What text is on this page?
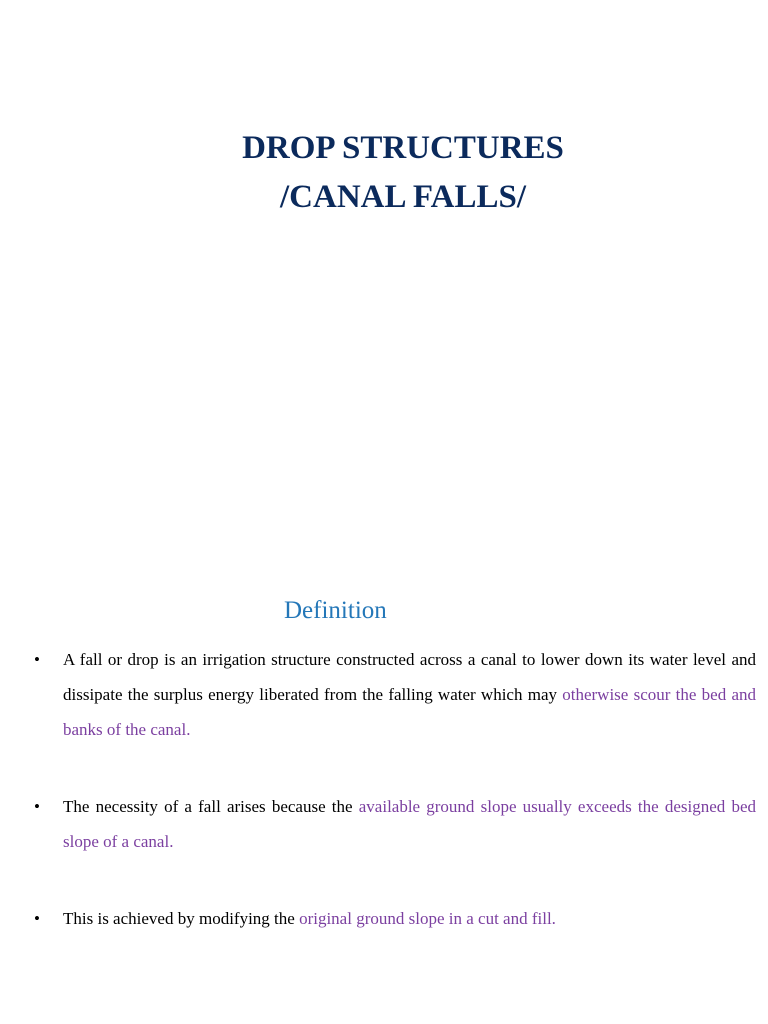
DROP STRUCTURES
/CANAL FALLS/
Definition
• A fall or drop is an irrigation structure constructed across a canal to lower down its water level and dissipate the surplus energy liberated from the falling water which may otherwise scour the bed and banks of the canal.
• The necessity of a fall arises because the available ground slope usually exceeds the designed bed slope of a canal.
• This is achieved by modifying the original ground slope in a cut and fill.
